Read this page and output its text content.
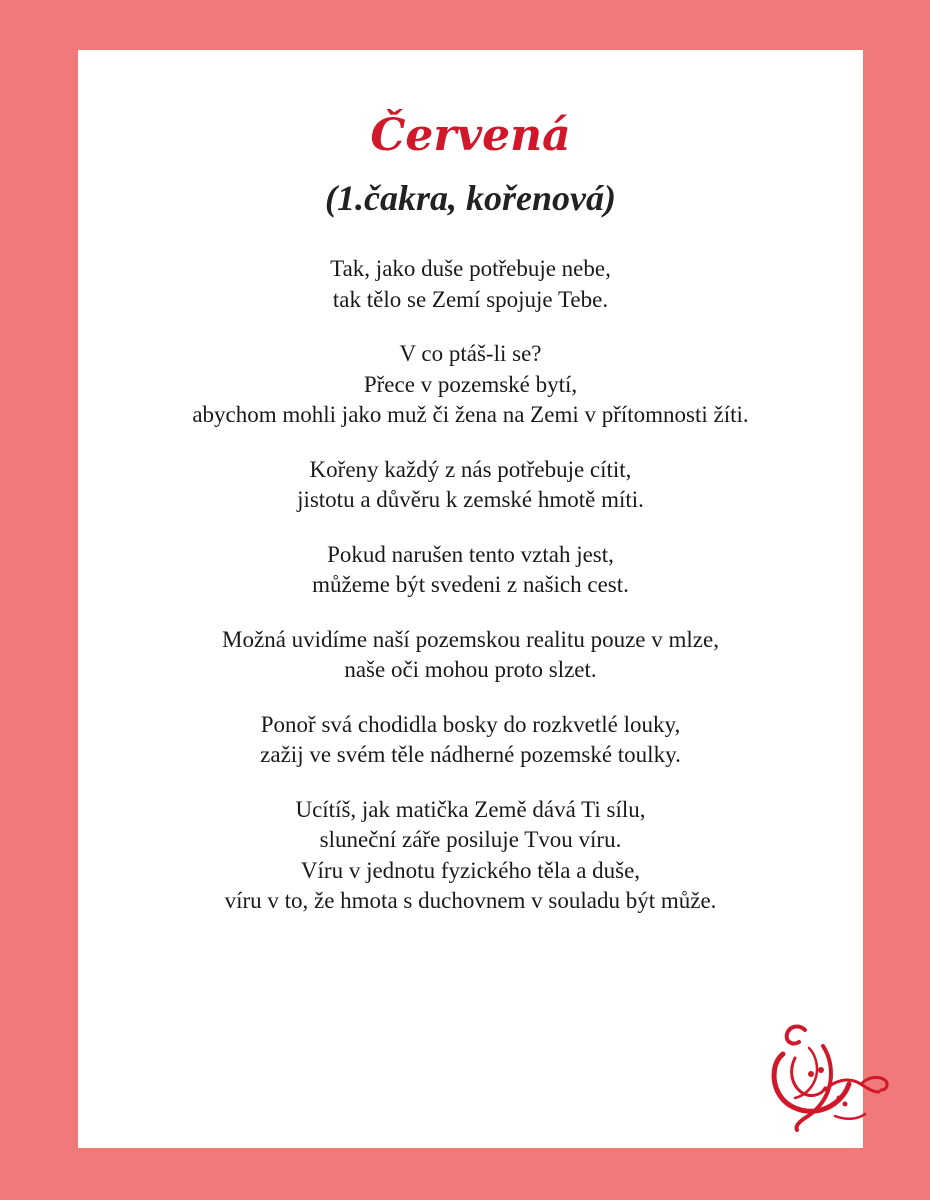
Červená
(1.čakra, kořenová)
Tak, jako duše potřebuje nebe,
tak tělo se Zemí spojuje Tebe.
V co ptáš-li se?
Přece v pozemské bytí,
abychom mohli jako muž či žena na Zemi v přítomnosti žíti.
Kořeny každý z nás potřebuje cítit,
jistotu a důvěru k zemské hmotě míti.
Pokud narušen tento vztah jest,
můžeme být svedeni z našich cest.
Možná uvidíme naší pozemskou realitu pouze v mlze,
naše oči mohou proto slzet.
Ponoř svá chodidla bosky do rozkvetlé louky,
zažij ve svém těle nádherné pozemské toulky.
Ucítíš, jak matička Země dává Ti sílu,
sluneční záře posiluje Tvou víru.
Víru v jednotu fyzického těla a duše,
víru v to, že hmota s duchovnem v souladu být může.
